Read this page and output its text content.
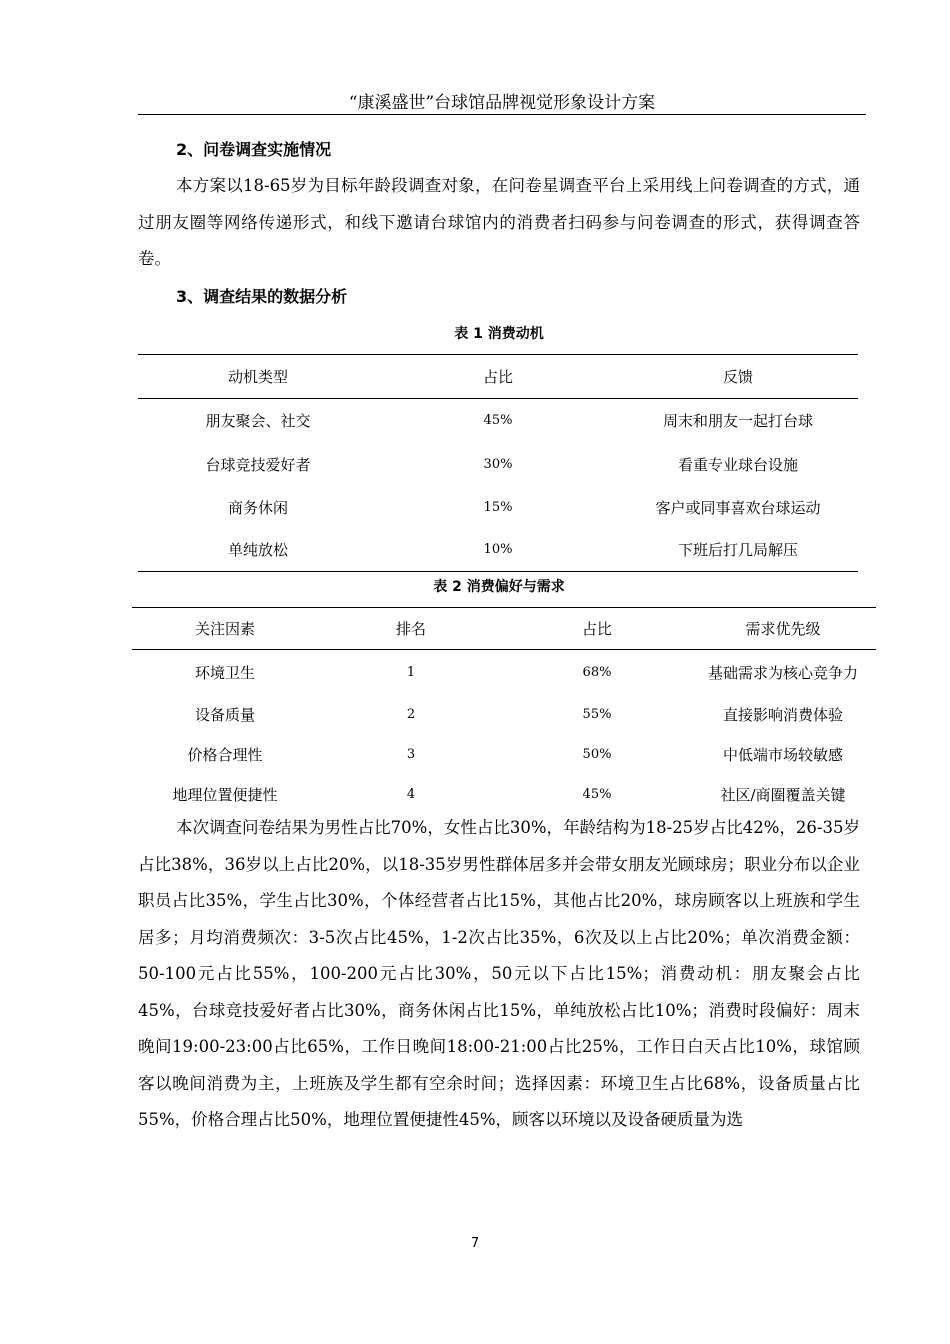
“康溪盛世”台球馆品牌视觉形象设计方案
2、问卷调查实施情况

本方案以18-65岁为目标年龄段调查对象，在问卷星调查平台上采用线上问卷调查的方式，通过朋友圈等网络传递形式，和线下邀请台球馆内的消费者扫码参与问卷调查的形式，获得调查答卷。

3、调查结果的数据分析
表 1 消费动机
动机类型	占比	反馈
朋友聚会、社交	45%	周末和朋友一起打台球
台球竞技爱好者	30%	看重专业球台设施
商务休闲	15%	客户或同事喜欢台球运动
单纯放松	10%	下班后打几局解压
表 2 消费偏好与需求
关注因素	排名	占比	需求优先级
环境卫生	1	68%	基础需求为核心竞争力
设备质量	2	55%	直接影响消费体验
价格合理性	3	50%	中低端市场较敏感
地理位置便捷性	4	45%	社区/商圈覆盖关键

本次调查问卷结果为男性占比70%，女性占比30%，年龄结构为18-25岁占比42%，26-35岁占比38%，36岁以上占比20%，以18-35岁男性群体居多并会带女朋友光顾球房；职业分布以企业职员占比35%，学生占比30%，个体经营者占比15%，其他占比20%，球房顾客以上班族和学生居多；月均消费频次：3-5次占比45%，1-2次占比35%，6次及以上占比20%；单次消费金额：50-100元占比55%，100-200元占比30%，50元以下占比15%；消费动机：朋友聚会占比45%，台球竞技爱好者占比30%，商务休闲占比15%，单纯放松占比10%；消费时段偏好：周末晚间19:00-23:00占比65%，工作日晚间18:00-21:00占比25%，工作日白天占比10%，球馆顾客以晚间消费为主，上班族及学生都有空余时间；选择因素：环境卫生占比68%，设备质量占比55%，价格合理占比50%，地理位置便捷性45%，顾客以环境以及设备硬质量为选

7
